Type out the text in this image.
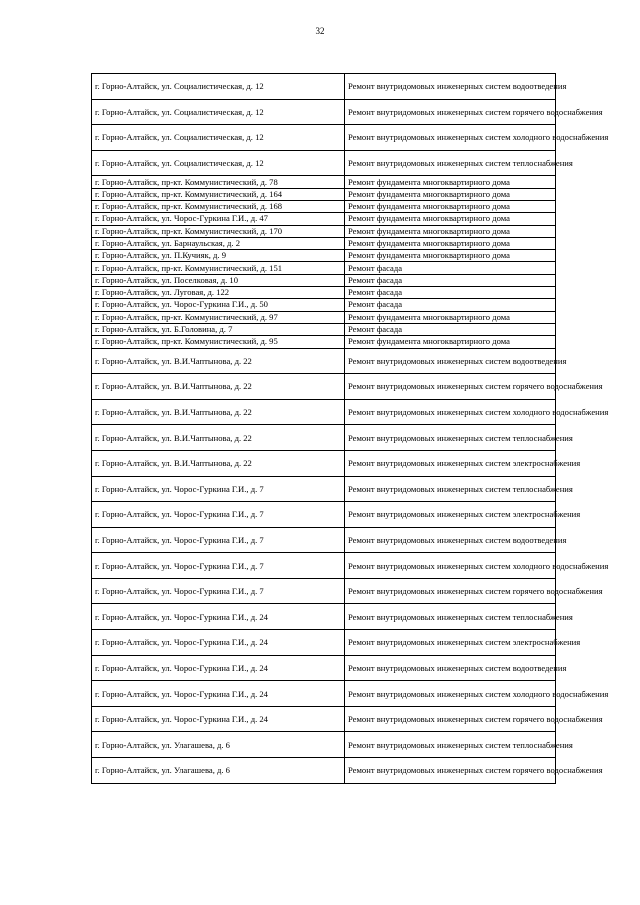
32
г. Горно-Алтайск, ул. Социалистическая, д. 12	Ремонт внутридомовых инженерных систем водоотведения
г. Горно-Алтайск, ул. Социалистическая, д. 12	Ремонт внутридомовых инженерных систем горячего водоснабжения
г. Горно-Алтайск, ул. Социалистическая, д. 12	Ремонт внутридомовых инженерных систем холодного водоснабжения
г. Горно-Алтайск, ул. Социалистическая, д. 12	Ремонт внутридомовых инженерных систем теплоснабжения
г. Горно-Алтайск, пр-кт. Коммунистический, д. 78	Ремонт фундамента многоквартирного дома
г. Горно-Алтайск, пр-кт. Коммунистический, д. 164	Ремонт фундамента многоквартирного дома
г. Горно-Алтайск, пр-кт. Коммунистический, д. 168	Ремонт фундамента многоквартирного дома
г. Горно-Алтайск, ул. Чорос-Гуркина Г.И., д. 47	Ремонт фундамента многоквартирного дома
г. Горно-Алтайск, пр-кт. Коммунистический, д. 170	Ремонт фундамента многоквартирного дома
г. Горно-Алтайск, ул. Барнаульская, д. 2	Ремонт фундамента многоквартирного дома
г. Горно-Алтайск, ул. П.Кучияк, д. 9	Ремонт фундамента многоквартирного дома
г. Горно-Алтайск, пр-кт. Коммунистический, д. 151	Ремонт фасада
г. Горно-Алтайск, ул. Поселковая, д. 10	Ремонт фасада
г. Горно-Алтайск, ул. Луговая, д. 122	Ремонт фасада
г. Горно-Алтайск, ул. Чорос-Гуркина Г.И., д. 50	Ремонт фасада
г. Горно-Алтайск, пр-кт. Коммунистический, д. 97	Ремонт фундамента многоквартирного дома
г. Горно-Алтайск, ул. Б.Головина, д. 7	Ремонт фасада
г. Горно-Алтайск, пр-кт. Коммунистический, д. 95	Ремонт фундамента многоквартирного дома
г. Горно-Алтайск, ул. В.И.Чаптынова, д. 22	Ремонт внутридомовых инженерных систем водоотведения
г. Горно-Алтайск, ул. В.И.Чаптынова, д. 22	Ремонт внутридомовых инженерных систем горячего водоснабжения
г. Горно-Алтайск, ул. В.И.Чаптынова, д. 22	Ремонт внутридомовых инженерных систем холодного водоснабжения
г. Горно-Алтайск, ул. В.И.Чаптынова, д. 22	Ремонт внутридомовых инженерных систем теплоснабжения
г. Горно-Алтайск, ул. В.И.Чаптынова, д. 22	Ремонт внутридомовых инженерных систем электроснабжения
г. Горно-Алтайск, ул. Чорос-Гуркина Г.И., д. 7	Ремонт внутридомовых инженерных систем теплоснабжения
г. Горно-Алтайск, ул. Чорос-Гуркина Г.И., д. 7	Ремонт внутридомовых инженерных систем электроснабжения
г. Горно-Алтайск, ул. Чорос-Гуркина Г.И., д. 7	Ремонт внутридомовых инженерных систем водоотведения
г. Горно-Алтайск, ул. Чорос-Гуркина Г.И., д. 7	Ремонт внутридомовых инженерных систем холодного водоснабжения
г. Горно-Алтайск, ул. Чорос-Гуркина Г.И., д. 7	Ремонт внутридомовых инженерных систем горячего водоснабжения
г. Горно-Алтайск, ул. Чорос-Гуркина Г.И., д. 24	Ремонт внутридомовых инженерных систем теплоснабжения
г. Горно-Алтайск, ул. Чорос-Гуркина Г.И., д. 24	Ремонт внутридомовых инженерных систем электроснабжения
г. Горно-Алтайск, ул. Чорос-Гуркина Г.И., д. 24	Ремонт внутридомовых инженерных систем водоотведения
г. Горно-Алтайск, ул. Чорос-Гуркина Г.И., д. 24	Ремонт внутридомовых инженерных систем холодного водоснабжения
г. Горно-Алтайск, ул. Чорос-Гуркина Г.И., д. 24	Ремонт внутридомовых инженерных систем горячего водоснабжения
г. Горно-Алтайск, ул. Улагашева, д. 6	Ремонт внутридомовых инженерных систем теплоснабжения
г. Горно-Алтайск, ул. Улагашева, д. 6	Ремонт внутридомовых инженерных систем горячего водоснабжения
